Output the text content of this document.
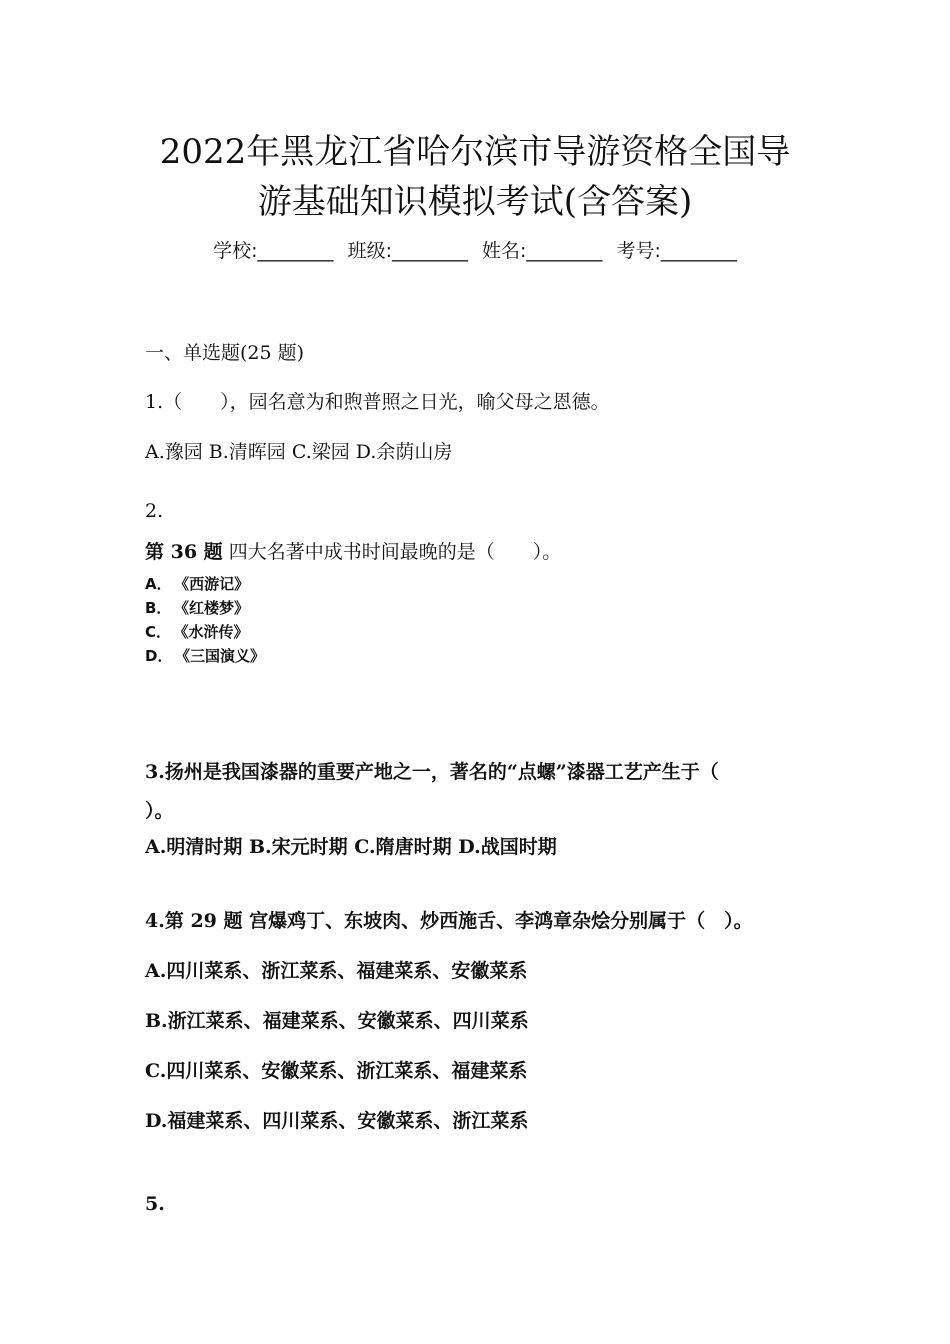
2022年黑龙江省哈尔滨市导游资格全国导
游基础知识模拟考试(含答案)
学校:________ 班级:________ 姓名:________ 考号:________
一、单选题(25 题)
1.（　　），园名意为和煦普照之日光，喻父母之恩德。
A.豫园 B.清晖园 C.梁园 D.余荫山房
2.
第 36 题 四大名著中成书时间最晚的是（　　）。
A． 《西游记》
B． 《红楼梦》
C． 《水浒传》
D． 《三国演义》
3.扬州是我国漆器的重要产地之一，著名的“点螺”漆器工艺产生于（
）。
A.明清时期 B.宋元时期 C.隋唐时期 D.战国时期
4.第 29 题 宫爆鸡丁、东坡肉、炒西施舌、李鸿章杂烩分别属于（　）。
A.四川菜系、浙江菜系、福建菜系、安徽菜系
B.浙江菜系、福建菜系、安徽菜系、四川菜系
C.四川菜系、安徽菜系、浙江菜系、福建菜系
D.福建菜系、四川菜系、安徽菜系、浙江菜系
5.
